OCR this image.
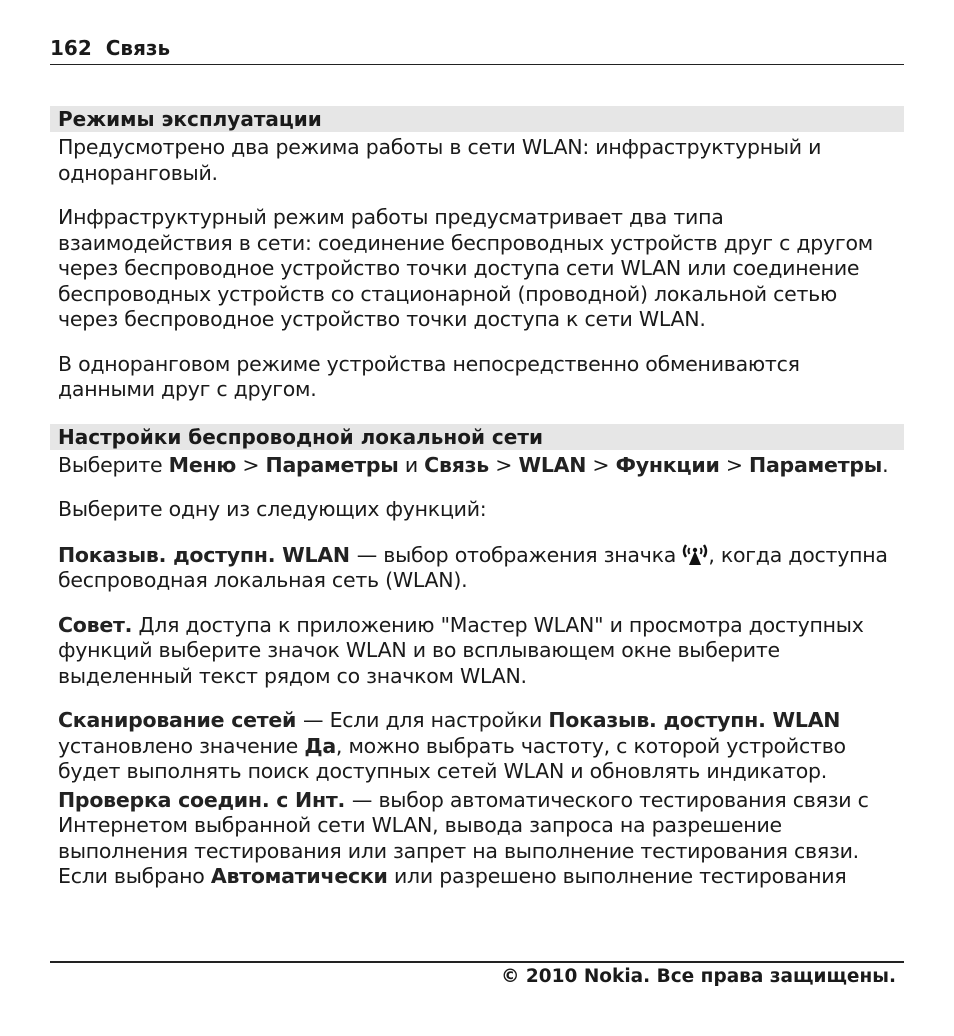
162 Связь
Режимы эксплуатации

Предусмотрено два режима работы в сети WLAN: инфраструктурный и одноранговый.

Инфраструктурный режим работы предусматривает два типа взаимодействия в сети: соединение беспроводных устройств друг с другом через беспроводное устройство точки доступа сети WLAN или соединение беспроводных устройств со стационарной (проводной) локальной сетью через беспроводное устройство точки доступа к сети WLAN.

В одноранговом режиме устройства непосредственно обмениваются данными друг с другом.

Настройки беспроводной локальной сети

Выберите Меню > Параметры и Связь > WLAN > Функции > Параметры.

Выберите одну из следующих функций:

Показыв. доступн. WLAN — выбор отображения значка , когда доступна беспроводная локальная сеть (WLAN).

Совет. Для доступа к приложению "Мастер WLAN" и просмотра доступных функций выберите значок WLAN и во всплывающем окне выберите выделенный текст рядом со значком WLAN.

Сканирование сетей — Если для настройки Показыв. доступн. WLAN установлено значение Да, можно выбрать частоту, с которой устройство будет выполнять поиск доступных сетей WLAN и обновлять индикатор.

Проверка соедин. с Инт. — выбор автоматического тестирования связи с Интернетом выбранной сети WLAN, вывода запроса на разрешение выполнения тестирования или запрет на выполнение тестирования связи. Если выбрано Автоматически или разрешено выполнение тестирования

© 2010 Nokia. Все права защищены.
